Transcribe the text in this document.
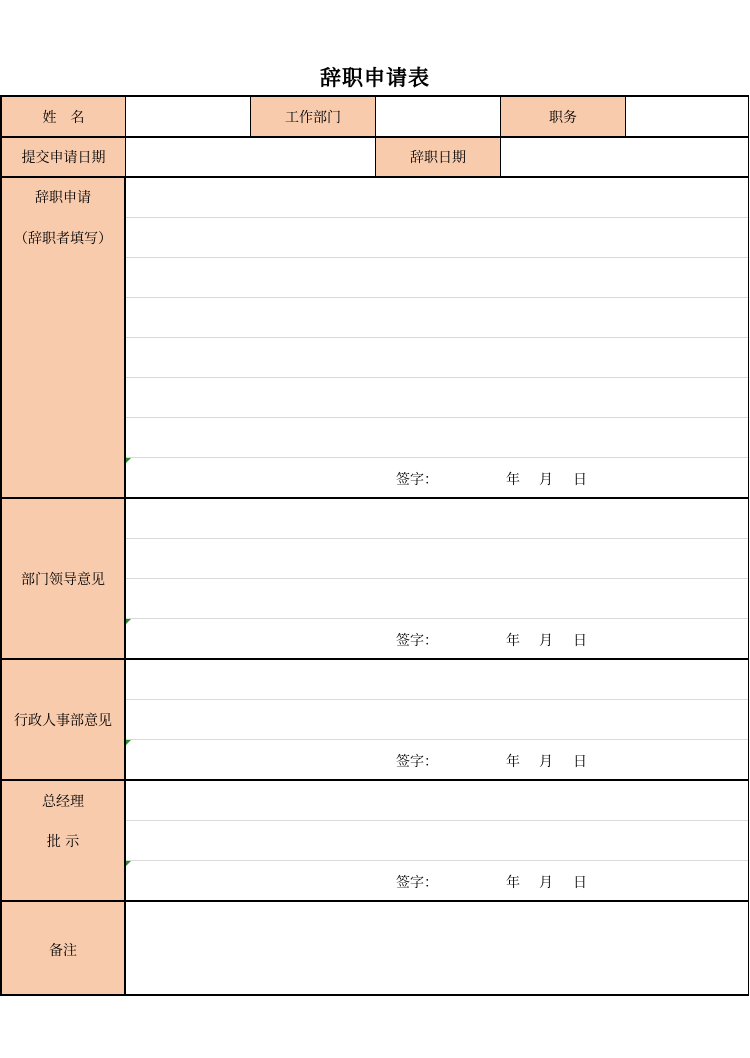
辞职申请表
姓　名	工作部门	职务
提交申请日期	辞职日期
辞职申请
（辞职者填写）
签字：	年 月 日
部门领导意见
签字：	年 月 日
行政人事部意见
签字：	年 月 日
总经理
批 示
签字：	年 月 日
备注
